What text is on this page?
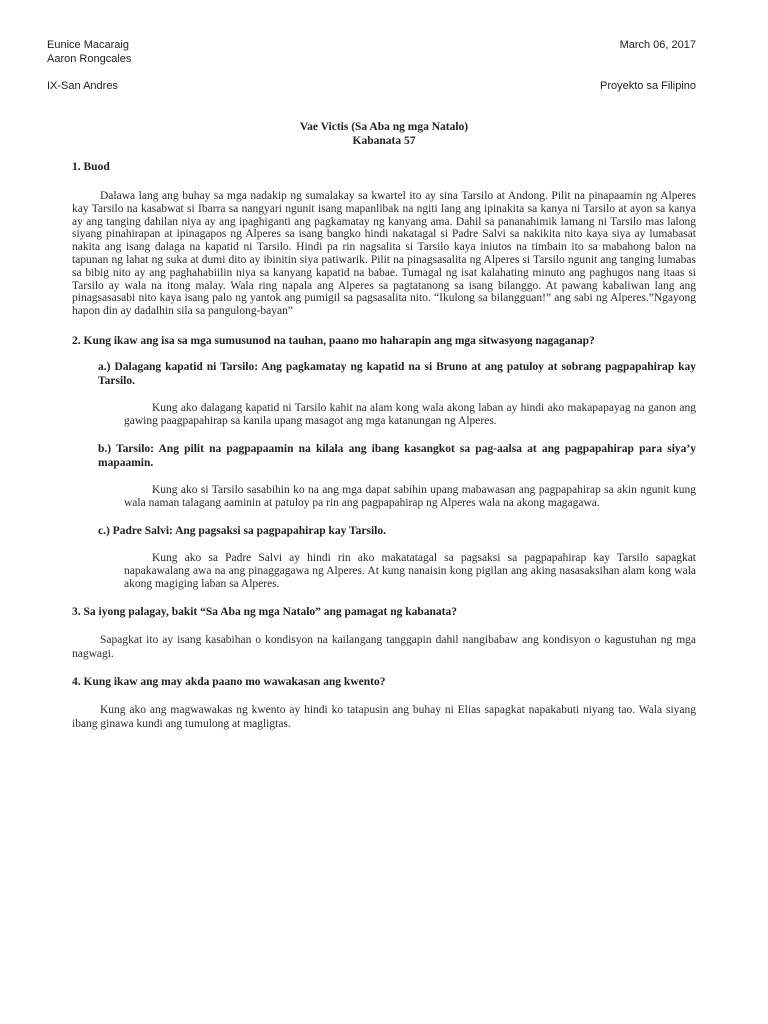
Eunice Macaraig
Aaron Rongcales
IX-San Andres
March 06, 2017
Proyekto sa Filipino
Vae Victis (Sa Aba ng mga Natalo)
Kabanata 57
1. Buod
Dalawa lang ang buhay sa mga nadakip ng sumalakay sa kwartel ito ay sina Tarsilo at Andong. Pilit na pinapaamin ng Alperes kay Tarsilo na kasabwat si Ibarra sa nangyari ngunit isang mapanlibak na ngiti lang ang ipinakita sa kanya ni Tarsilo at ayon sa kanya ay ang tanging dahilan niya ay ang ipaghiganti ang pagkamatay ng kanyang ama. Dahil sa pananahimik lamang ni Tarsilo mas lalong siyang pinahirapan at ipinagapos ng Alperes sa isang bangko hindi nakatagal si Padre Salvi sa nakikita nito kaya siya ay lumabasat nakita ang isang dalaga na kapatid ni Tarsilo. Hindi pa rin nagsalita si Tarsilo kaya iniutos na timbain ito sa mabahong balon na tapunan ng lahat ng suka at dumi dito ay ibinitin siya patiwarik. Pilit na pinagsasalita ng Alperes si Tarsilo ngunit ang tanging lumabas sa bibig nito ay ang paghahabiilin niya sa kanyang kapatid na babae. Tumagal ng isat kalahating minuto ang paghugos nang itaas si Tarsilo ay wala na itong malay. Wala ring napala ang Alperes sa pagtatanong sa isang bilanggo. At pawang kabaliwan lang ang pinagsasasabi nito kaya isang palo ng yantok ang pumigil sa pagsasalita nito. “Ikulong sa bilangguan!” ang sabi ng Alperes.”Ngayong hapon din ay dadalhin sila sa pangulong-bayan”
2. Kung ikaw ang isa sa mga sumusunod na tauhan, paano mo haharapin ang mga sitwasyong nagaganap?
a.) Dalagang kapatid ni Tarsilo: Ang pagkamatay ng kapatid na si Bruno at ang patuloy at sobrang pagpapahirap kay Tarsilo.
Kung ako dalagang kapatid ni Tarsilo kahit na alam kong wala akong laban ay hindi ako makapapayag na ganon ang gawing paagpapahirap sa kanila upang masagot ang mga katanungan ng Alperes.
b.) Tarsilo: Ang pilit na pagpapaamin na kilala ang ibang kasangkot sa pag-aalsa at ang pagpapahirap para siya’y mapaamin.
Kung ako si Tarsilo sasabihin ko na ang mga dapat sabihin upang mabawasan ang pagpapahirap sa akin ngunit kung wala naman talagang aaminin at patuloy pa rin ang pagpapahirap ng Alperes wala na akong magagawa.
c.) Padre Salvi: Ang pagsaksi sa pagpapahirap kay Tarsilo.
Kung ako sa Padre Salvi ay hindi rin ako makatatagal sa pagsaksi sa pagpapahirap kay Tarsilo sapagkat napakawalang awa na ang pinaggagawa ng Alperes. At kung nanaisin kong pigilan ang aking nasasaksihan alam kong wala akong magiging laban sa Alperes.
3. Sa iyong palagay, bakit “Sa Aba ng mga Natalo” ang pamagat ng kabanata?
Sapagkat ito ay isang kasabihan o kondisyon na kailangang tanggapin dahil nangibabaw ang kondisyon o kagustuhan ng mga nagwagi.
4. Kung ikaw ang may akda paano mo wawakasan ang kwento?
Kung ako ang magwawakas ng kwento ay hindi ko tatapusin ang buhay ni Elias sapagkat napakabuti niyang tao. Wala siyang ibang ginawa kundi ang tumulong at magligtas.
